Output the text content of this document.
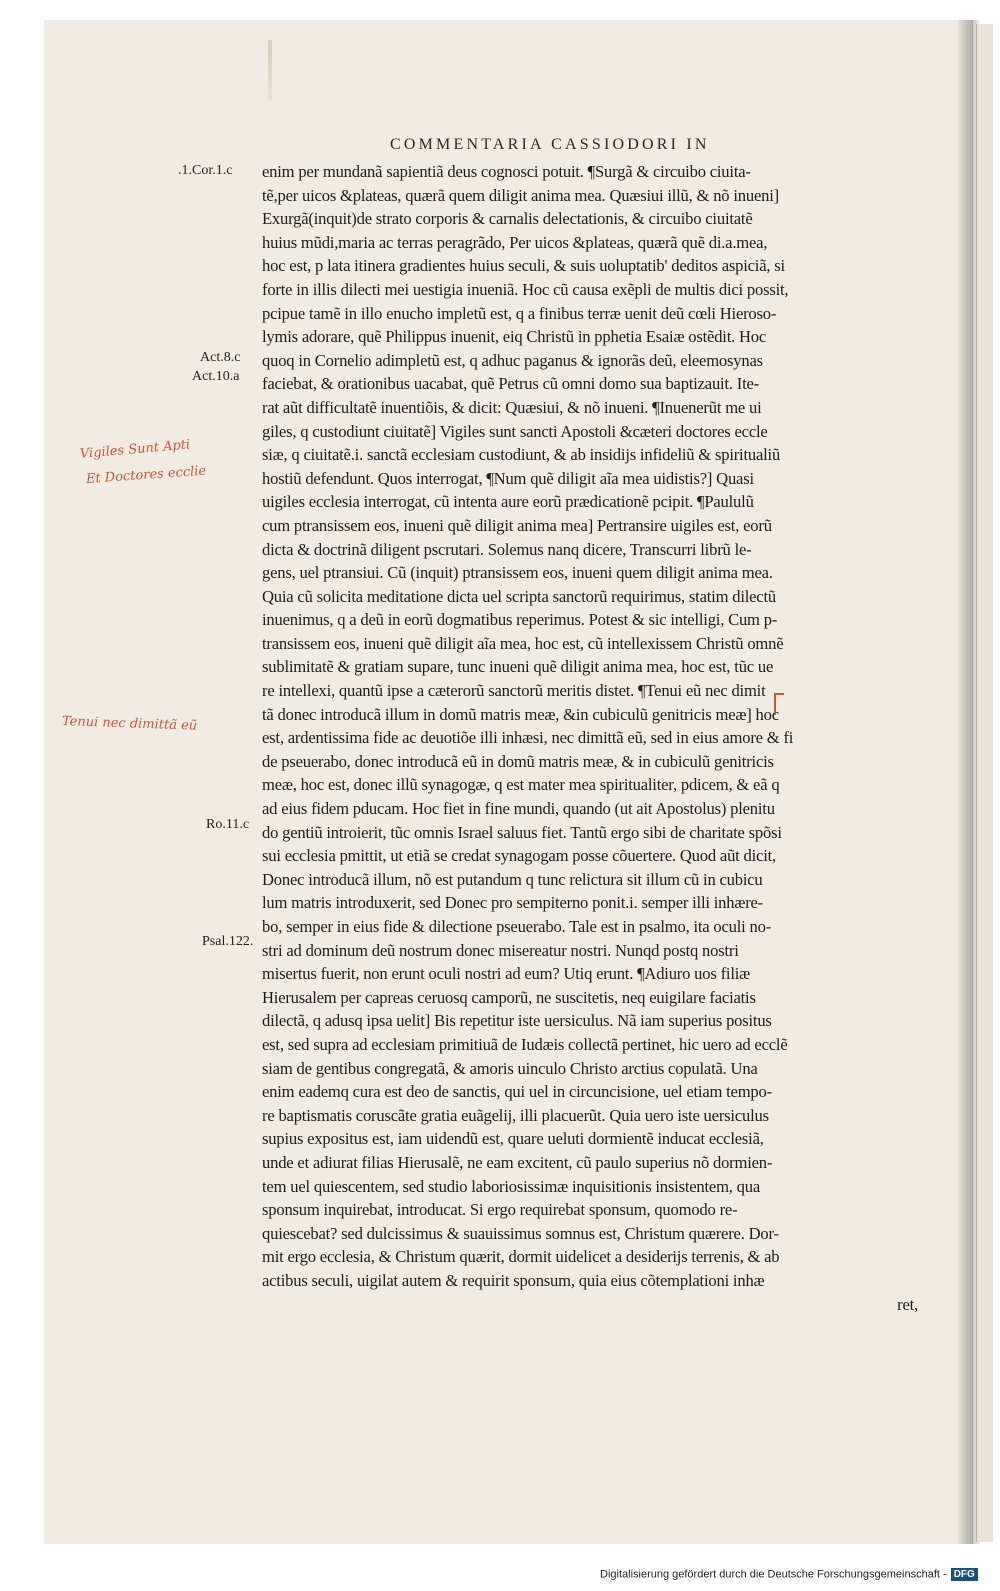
COMMENTARIA CASSIODORI IN
enim per mundanã sapientiã deus cognosci potuit. ¶Surgã & circuibo ciuita-
tẽ,per uicos &plateas, quærã quem diligit anima mea. Quæsiui illũ, & nõ inueni]
Exurgã(inquit)de strato corporis & carnalis delectationis, & circuibo ciuitatẽ
huius mũdi,maria ac terras peragrãdo, Per uicos &plateas, quærã quẽ di.a.mea,
hoc est, p lata itinera gradientes huius seculi, & suis uoluptatib' deditos aspiciã, si
forte in illis dilecti mei uestigia inueniã. Hoc cũ causa exẽpli de multis dici possit,
pcipue tamẽ in illo enucho impletũ est, q a finibus terræ uenit deũ cœli Hieroso-
lymis adorare, quẽ Philippus inuenit, eiq Christũ in pphetia Esaiæ ostẽdit. Hoc
quoq in Cornelio adimpletũ est, q adhuc paganus & ignorãs deũ, eleemosynas
faciebat, & orationibus uacabat, quẽ Petrus cũ omni domo sua baptizauit. Ite-
rat aũt difficultatẽ inuentiõis, & dicit: Quæsiui, & nõ inueni. ¶Inuenerũt me ui
giles, q custodiunt ciuitatẽ] Vigiles sunt sancti Apostoli &cæteri doctores eccle
siæ, q ciuitatẽ.i. sanctã ecclesiam custodiunt, & ab insidijs infideliũ & spiritualiũ
hostiũ defendunt. Quos interrogat, ¶Num quẽ diligit aĩa mea uidistis?] Quasi
uigiles ecclesia interrogat, cũ intenta aure eorũ prædicationẽ pcipit. ¶Paululũ
cum ptransissem eos, inueni quẽ diligit anima mea] Pertransire uigiles est, eorũ
dicta & doctrinã diligent pscrutari. Solemus nanq dicere, Transcurri librũ le-
gens, uel ptransiui. Cũ (inquit) ptransissem eos, inueni quem diligit anima mea.
Quia cũ solicita meditatione dicta uel scripta sanctorũ requirimus, statim dilectũ
inuenimus, q a deũ in eorũ dogmatibus reperimus. Potest & sic intelligi, Cum p-
transissem eos, inueni quẽ diligit aĩa mea, hoc est, cũ intellexissem Christũ omnẽ
sublimitatẽ & gratiam supare, tunc inueni quẽ diligit anima mea, hoc est, tũc ue
re intellexi, quantũ ipse a cæterorũ sanctorũ meritis distet. ¶Tenui eũ nec dimit
tã donec introducã illum in domũ matris meæ, &in cubiculũ genitricis meæ] hoc
est, ardentissima fide ac deuotiõe illi inhæsi, nec dimittã eũ, sed in eius amore & fi
de pseuerabo, donec introducã eũ in domũ matris meæ, & in cubiculũ genitricis
meæ, hoc est, donec illũ synagogæ, q est mater mea spiritualiter, pdicem, & eã q
ad eius fidem pducam. Hoc fiet in fine mundi, quando (ut ait Apostolus) plenitu
do gentiũ introierit, tũc omnis Israel saluus fiet. Tantũ ergo sibi de charitate spõsi
sui ecclesia pmittit, ut etiã se credat synagogam posse cõuertere. Quod aũt dicit,
Donec introducã illum, nõ est putandum q tunc relictura sit illum cũ in cubicu
lum matris introduxerit, sed Donec pro sempiterno ponit.i. semper illi inhære-
bo, semper in eius fide & dilectione pseuerabo. Tale est in psalmo, ita oculi no-
stri ad dominum deũ nostrum donec misereatur nostri. Nunqd postq nostri
misertus fuerit, non erunt oculi nostri ad eum? Utiq erunt. ¶Adiuro uos filiæ
Hierusalem per capreas ceruosq camporũ, ne suscitetis, neq euigilare faciatis
dilectã, q adusq ipsa uelit] Bis repetitur iste uersiculus. Nã iam superius positus
est, sed supra ad ecclesiam primitiuã de Iudæis collectã pertinet, hic uero ad ecclẽ
siam de gentibus congregatã, & amoris uinculo Christo arctius copulatã. Una
enim eademq cura est deo de sanctis, qui uel in circuncisione, uel etiam tempo-
re baptismatis coruscãte gratia euãgelij, illi placuerũt. Quia uero iste uersiculus
supius expositus est, iam uidendũ est, quare ueluti dormientẽ inducat ecclesiã,
unde et adiurat filias Hierusalẽ, ne eam excitent, cũ paulo superius nõ dormien-
tem uel quiescentem, sed studio laboriosissimæ inquisitionis insistentem, qua
sponsum inquirebat, introducat. Si ergo requirebat sponsum, quomodo re-
quiescebat? sed dulcissimus & suauissimus somnus est, Christum quærere. Dor-
mit ergo ecclesia, & Christum quærit, dormit uidelicet a desiderijs terrenis, & ab
actibus seculi, uigilat autem & requirit sponsum, quia eius cõtemplationi inhæ
ret,
.1.Cor.1.c
Act.8.c
Act.10.a
Ro.11.c
Psal.122.
Vigiles Sunt Apti
Et Doctores ecclie
Tenui nec dimittã eũ
Digitalisierung gefördert durch die Deutsche Forschungsgemeinschaft - DFG
